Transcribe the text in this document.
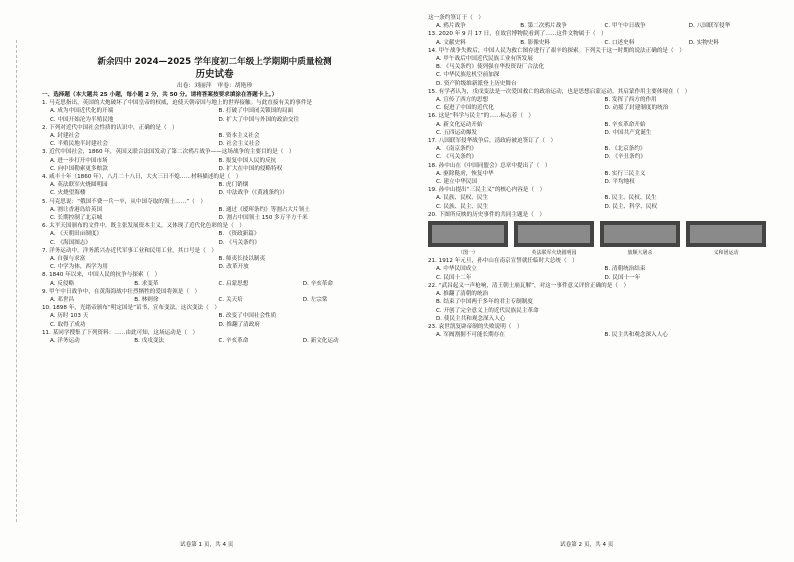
新余四中 2024—2025 学年度初二年级上学期期中质量检测
历史试卷
出卷：刘丽萍　审卷：胡艳珍
一、选择题（本大题共 25 小题，每小题 2 分，共 50 分。请将答案按要求填涂在答题卡上。）
1. 马克思指出，英国的大炮破坏了中国皇帝的权威，迫使天朝帝国与地上的世界接触。与此直接有关的事件是
A. 成为中国近代化的开端	B. 打破了中国闭关锁国的局面
C. 中国开始沦为半殖民地	D. 扩大了中国与外国的政治交往
2. 下列对近代中国社会性质的认识中，正确的是（　）
A. 封建社会	B. 资本主义社会
C. 半殖民地半封建社会	D. 社会主义社会
3. 近代中国社会，1860 年，英国又联合法国发动了第二次鸦片战争——这场战争的主要目的是（　）
A. 进一步打开中国市场	B. 报复中国人民的反抗
C. 向中国勒索更多赔款	D. 扩大在中国的侵略特权
4. 咸丰十年（1860 年），八月二十八日，大火三日不熄……材料描述的是（　）
A. 英法联军火烧圆明园	B. 虎门销烟
C. 火烧望海楼	D. 中法战争（《黄浦条约》）
5. 马克思说：“俄国不费一兵一卒，从中国夺取的领土……”（　）
A. 割让香港岛给英国	B. 通过《瑷珲条约》等割占大片领土
C. 长期控制了北京城	D. 割占中国领土 150 多万平方千米
6. 太平天国颁布的文件中，既主张发展资本主义，又体现了近代化色彩的是（　）
A. 《天朝田亩制度》	B. 《资政新篇》
C. 《海国图志》	D. 《马关条约》
7. 洋务运动中，洋务派兴办近代军事工业和民用工业，其口号是（　）
A. 自强与求富	B. 师夷长技以制夷
C. 中学为体，西学为用	D. 改革开放
8. 1840 年以来，中国人民的抗争与探索（　）
A. 反侵略	B. 求变革	C. 启蒙思想	D. 辛亥革命
9. 甲午中日战争中，在黄海海战中壮烈牺牲的爱国将领是（　）
A. 邓世昌	B. 林则徐	C. 关天培	D. 左宗棠
10. 1898 年，光绪帝颁布“明定国是”诏书，宣布变法。这次变法（　）
A. 历时 103 天	B. 改变了中国社会性质
C. 取得了成功	D. 推翻了清政府
11. 某同学搜集了下列资料：……由此可知，这场运动是（　）
A. 洋务运动	B. 戊戌变法	C. 辛亥革命	D. 新文化运动
这一条约签订于（　）
A. 鸦片战争	B. 第二次鸦片战争	C. 甲午中日战争	D. 八国联军侵华
13. 2020 年 9 月 17 日，在故宫博物院看到了……这件文物属于（　）
A. 文献史料	B. 影像史料	C. 口述史料	D. 实物史料
14. 甲午战争失败后，中国人民为救亡图存进行了艰辛的探索。下列关于这一时期的说法正确的是（　）
A. 甲午战后中国近代民族工业有所发展
B. 《马关条约》使列强在华投资设厂合法化
C. 中华民族危机空前加深
D. 资产阶级维新派登上历史舞台
15. 有学者认为，戊戌变法是一次爱国救亡的政治运动，也是思想启蒙运动。其启蒙作用主要体现在（　）
A. 宣传了西方的思想	B. 发挥了西方的作用
C. 促进了中国的近代化	D. 动摇了封建制度的统治
16. 这是“科学与民主”的……标志着（　）
A. 新文化运动开始	B. 辛亥革命开始
C. 五四运动爆发	D. 中国共产党诞生
17. 八国联军侵华战争后，清政府被迫签订了（　）
A. 《南京条约》	B. 《北京条约》
C. 《马关条约》	D. 《辛丑条约》
18. 孙中山在《中国同盟会》总章中提出了（　）
A. 驱除鞑虏，恢复中华	B. 实行三民主义
C. 建立中华民国	D. 平均地权
19. 孙中山提出“三民主义”的核心内容是（　）
A. 民族、民权、民生	B. 民主、民权、民生
C. 民族、民主、民生	D. 民主、科学、民权
20. 下图所反映的历史事件的共同主题是（　）
（图一）	英法联军火烧圆明园	旅顺大屠杀	义和团运动
21. 1912 年元旦，孙中山在南京宣誓就任临时大总统（　）
A. 中华民国成立	B. 清朝统治结束
C. 民国十二年	D. 民国十一年
22. “武昌起义一声枪响，清王朝土崩瓦解”，对这一事件意义评价正确的是（　）
A. 推翻了清朝的统治
B. 结束了中国两千多年的君主专制制度
C. 开创了完全意义上的近代民族民主革命
D. 使民主共和观念深入人心
23. 袁世凯复辟帝制的失败说明（　）
A. 军阀割据不可能长期存在	B. 民主共和观念深入人心
试卷第 1 页，共 4 页	试卷第 2 页，共 4 页
